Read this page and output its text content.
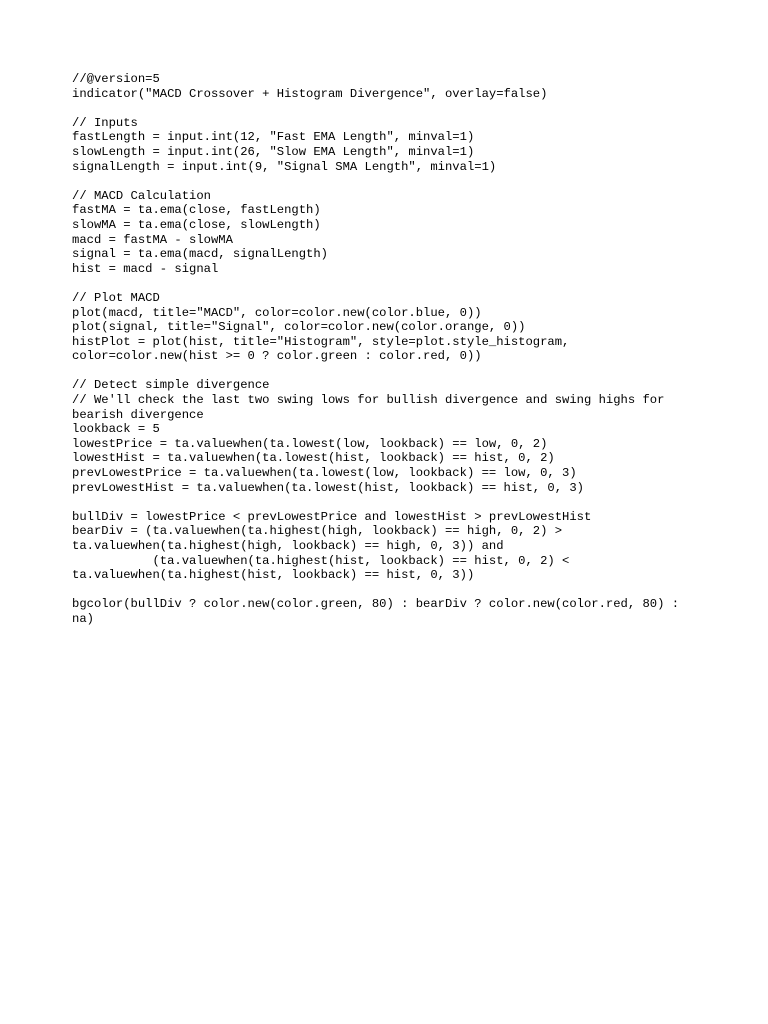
//@version=5
indicator("MACD Crossover + Histogram Divergence", overlay=false)
// Inputs
fastLength = input.int(12, "Fast EMA Length", minval=1)
slowLength = input.int(26, "Slow EMA Length", minval=1)
signalLength = input.int(9, "Signal SMA Length", minval=1)
// MACD Calculation
fastMA = ta.ema(close, fastLength)
slowMA = ta.ema(close, slowLength)
macd = fastMA - slowMA
signal = ta.ema(macd, signalLength)
hist = macd - signal
// Plot MACD
plot(macd, title="MACD", color=color.new(color.blue, 0))
plot(signal, title="Signal", color=color.new(color.orange, 0))
histPlot = plot(hist, title="Histogram", style=plot.style_histogram,
color=color.new(hist >= 0 ? color.green : color.red, 0))
// Detect simple divergence
// We'll check the last two swing lows for bullish divergence and swing highs for
bearish divergence
lookback = 5
lowestPrice = ta.valuewhen(ta.lowest(low, lookback) == low, 0, 2)
lowestHist = ta.valuewhen(ta.lowest(hist, lookback) == hist, 0, 2)
prevLowestPrice = ta.valuewhen(ta.lowest(low, lookback) == low, 0, 3)
prevLowestHist = ta.valuewhen(ta.lowest(hist, lookback) == hist, 0, 3)
bullDiv = lowestPrice < prevLowestPrice and lowestHist > prevLowestHist
bearDiv = (ta.valuewhen(ta.highest(high, lookback) == high, 0, 2) >
ta.valuewhen(ta.highest(high, lookback) == high, 0, 3)) and
(ta.valuewhen(ta.highest(hist, lookback) == hist, 0, 2) <
ta.valuewhen(ta.highest(hist, lookback) == hist, 0, 3))
bgcolor(bullDiv ? color.new(color.green, 80) : bearDiv ? color.new(color.red, 80) :
na)
